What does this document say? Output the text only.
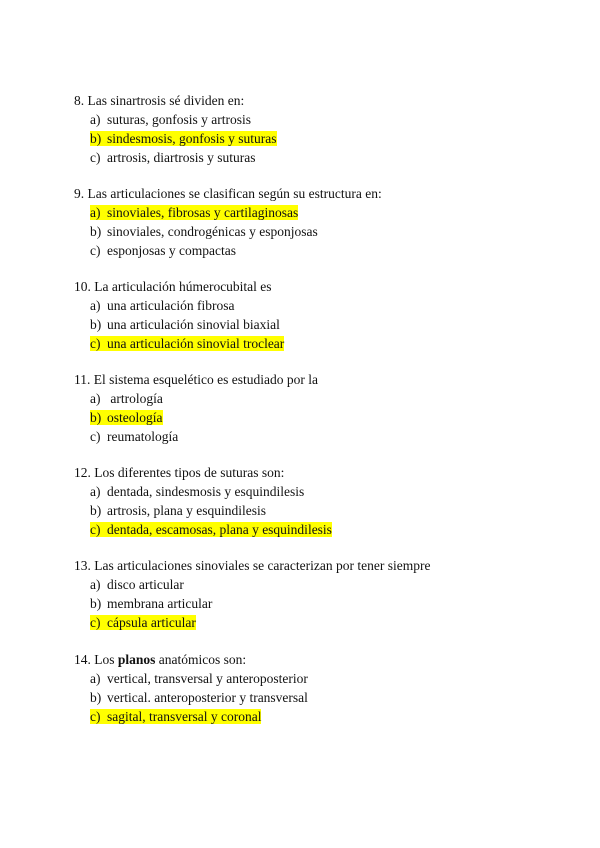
8. Las sinartrosis sé dividen en:
a) suturas, gonfosis y artrosis
b) sindesmosis, gonfosis y suturas
c) artrosis, diartrosis y suturas
9. Las articulaciones se clasifican según su estructura en:
a) sinoviales, fibrosas y cartilaginosas
b) sinoviales, condrogénicas y esponjosas
c) esponjosas y compactas
10. La articulación húmerocubital es
a) una articulación fibrosa
b) una articulación sinovial biaxial
c) una articulación sinovial troclear
11. El sistema esquelético es estudiado por la
a) artrología
b) osteología
c) reumatología
12. Los diferentes tipos de suturas son:
a) dentada, sindesmosis y esquindilesis
b) artrosis, plana y esquindilesis
c) dentada, escamosas, plana y esquindilesis
13. Las articulaciones sinoviales se caracterizan por tener siempre
a) disco articular
b) membrana articular
c) cápsula articular
14. Los planos anatómicos son:
a) vertical, transversal y anteroposterior
b) vertical. anteroposterior y transversal
c) sagital, transversal y coronal
